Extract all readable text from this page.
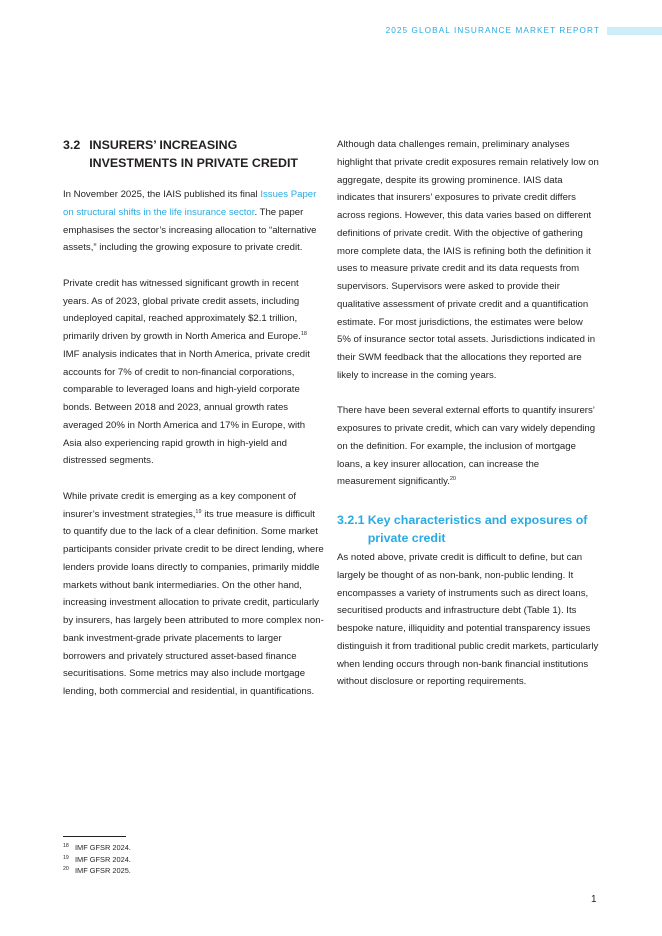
2025 GLOBAL INSURANCE MARKET REPORT
3.2 INSURERS’ INCREASING INVESTMENTS IN PRIVATE CREDIT

In November 2025, the IAIS published its final Issues Paper on structural shifts in the life insurance sector. The paper emphasises the sector’s increasing allocation to “alternative assets,” including the growing exposure to private credit.

Private credit has witnessed significant growth in recent years. As of 2023, global private credit assets, including undeployed capital, reached approximately $2.1 trillion, primarily driven by growth in North America and Europe.$^{18}$ IMF analysis indicates that in North America, private credit accounts for 7% of credit to non-financial corporations, comparable to leveraged loans and high-yield corporate bonds. Between 2018 and 2023, annual growth rates averaged 20% in North America and 17% in Europe, with Asia also experiencing rapid growth in high-yield and distressed segments.

While private credit is emerging as a key component of insurer’s investment strategies,$^{19}$ its true measure is difficult to quantify due to the lack of a clear definition. Some market participants consider private credit to be direct lending, where lenders provide loans directly to companies, primarily middle markets without bank intermediaries. On the other hand, increasing investment allocation to private credit, particularly by insurers, has largely been attributed to more complex non-bank investment-grade private placements to larger borrowers and privately structured asset-based finance securitisations. Some metrics may also include mortgage lending, both commercial and residential, in quantifications.

Although data challenges remain, preliminary analyses highlight that private credit exposures remain relatively low on aggregate, despite its growing prominence. IAIS data indicates that insurers’ exposures to private credit differs across regions. However, this data varies based on different definitions of private credit. With the objective of gathering more complete data, the IAIS is refining both the definition it uses to measure private credit and its data requests from supervisors. Supervisors were asked to provide their qualitative assessment of private credit and a quantification estimate. For most jurisdictions, the estimates were below 5% of insurance sector total assets. Jurisdictions indicated in their SWM feedback that the allocations they reported are likely to increase in the coming years.

There have been several external efforts to quantify insurers’ exposures to private credit, which can vary widely depending on the definition. For example, the inclusion of mortgage loans, a key insurer allocation, can increase the measurement significantly.$^{20}$

3.2.1 Key characteristics and exposures of private credit

As noted above, private credit is difficult to define, but can largely be thought of as non-bank, non-public lending. It encompasses a variety of instruments such as direct loans, securitised products and infrastructure debt (Table 1). Its bespoke nature, illiquidity and potential transparency issues distinguish it from traditional public credit markets, particularly when lending occurs through non-bank financial institutions without disclosure or reporting requirements.

18 IMF GFSR 2024.
19 IMF GFSR 2024.
20 IMF GFSR 2025.
1
